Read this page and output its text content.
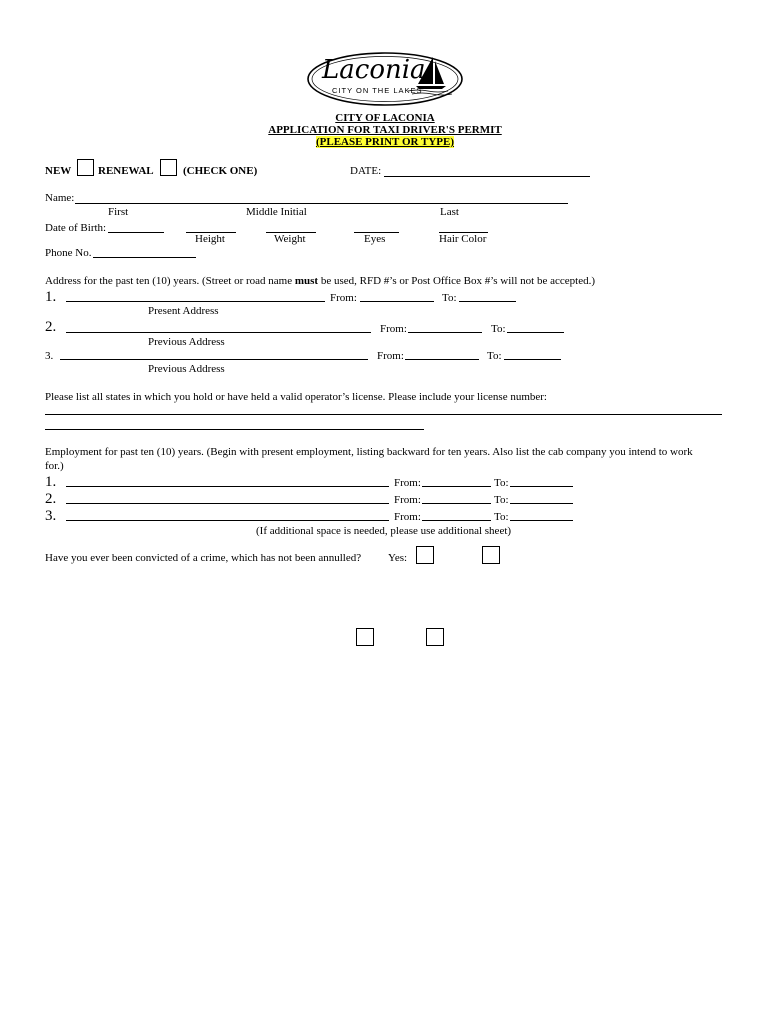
Laconia
CITY ON THE LAKES
CITY OF LACONIA
APPLICATION FOR TAXI DRIVER'S PERMIT
(PLEASE PRINT OR TYPE)
NEW RENEWAL	(CHECK ONE)	DATE:
Name:
First	Middle Initial	Last
Date of Birth:
Height	Weight	Eyes	Hair Color
Phone No.
Address for the past ten (10) years. (Street or road name must be used, RFD #’s or Post Office Box #’s will not be accepted.)
1.	From:	To:
Present Address
2.	From:	To:
Previous Address
3.	From:	To:
Previous Address
Please list all states in which you hold or have held a valid operator’s license. Please include your license number:
Employment for past ten (10) years. (Begin with present employment, listing backward for ten years. Also list the cab company you intend to work
for.)
1.	From:	To:
2.	From:	To:
3.	From:	To:
(If additional space is needed, please use additional sheet)
Have you ever been convicted of a crime, which has not been annulled? Yes:
